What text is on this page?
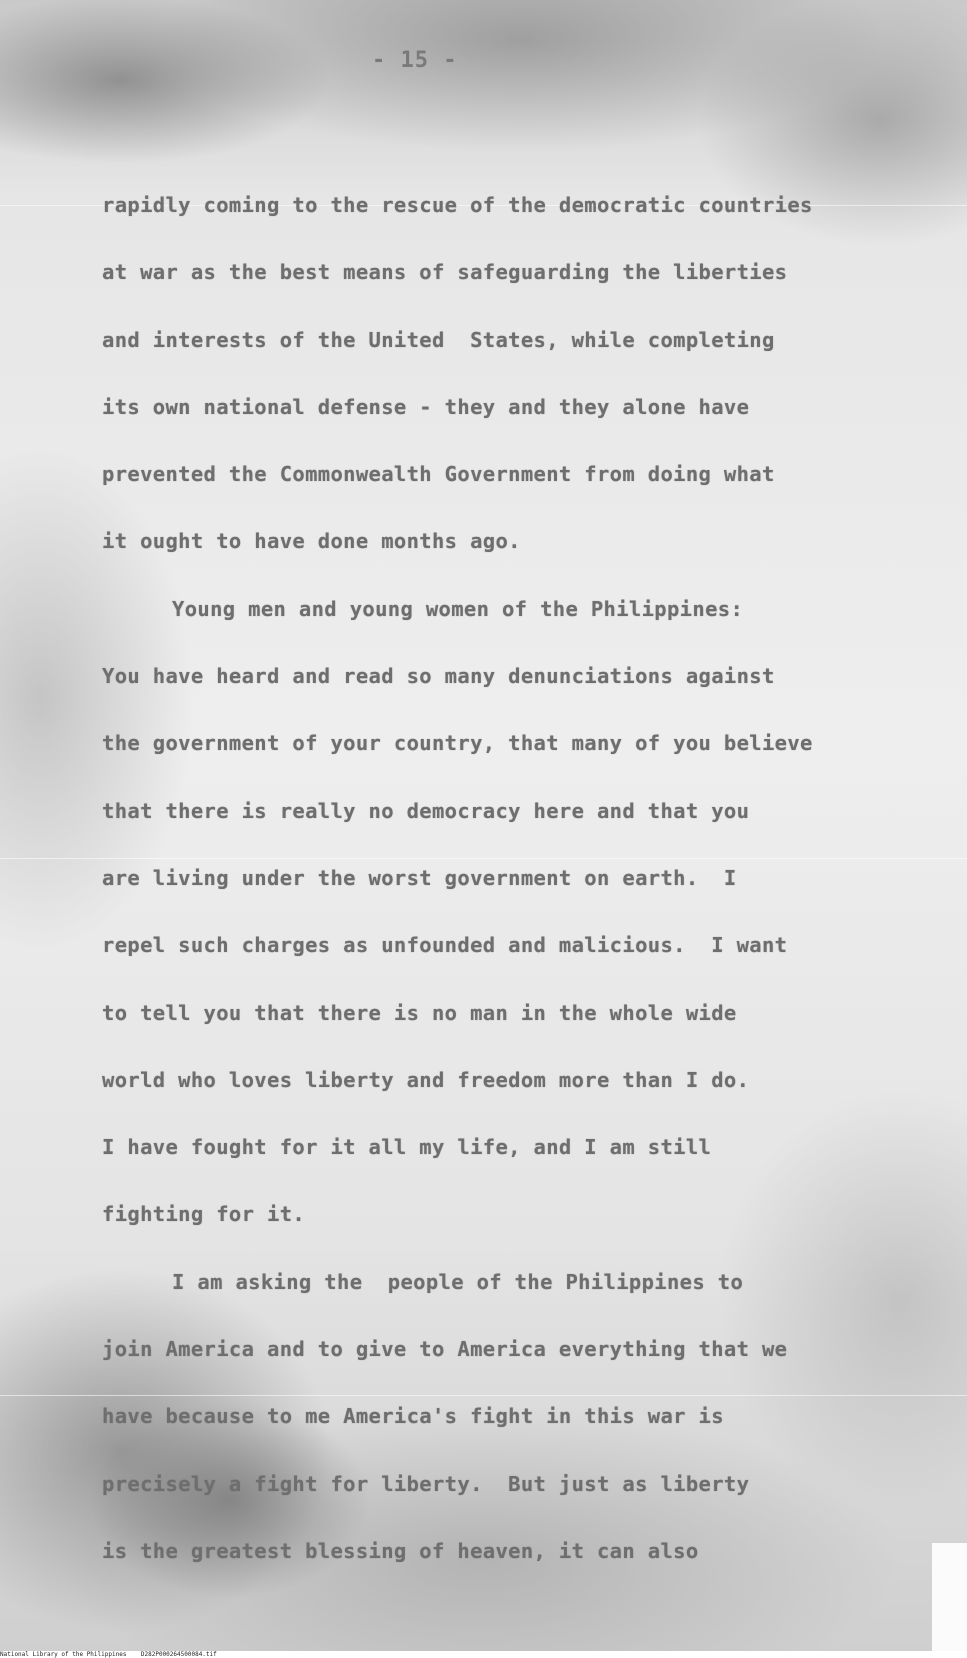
- 15 -
rapidly coming to the rescue of the democratic countries
at war as the best means of safeguarding the liberties
and interests of the United  States, while completing
its own national defense - they and they alone have
prevented the Commonwealth Government from doing what
it ought to have done months ago.
Young men and young women of the Philippines:
You have heard and read so many denunciations against
the government of your country, that many of you believe
that there is really no democracy here and that you
are living under the worst government on earth.  I
repel such charges as unfounded and malicious.  I want
to tell you that there is no man in the whole wide
world who loves liberty and freedom more than I do.
I have fought for it all my life, and I am still
fighting for it.
I am asking the  people of the Philippines to
join America and to give to America everything that we
have because to me America's fight in this war is
precisely a fight for liberty.  But just as liberty
is the greatest blessing of heaven, it can also
National Library of the Philippines D282P000264500084.tif
